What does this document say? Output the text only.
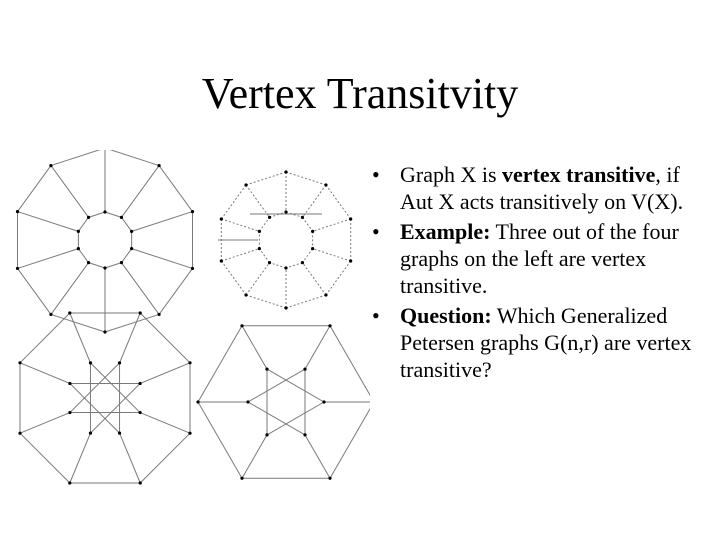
Vertex Transitvity
• Graph X is vertex transitive, if Aut X acts transitively on V(X).
• Example: Three out of the four graphs on the left are vertex transitive.
• Question: Which Generalized Petersen graphs G(n,r) are vertex transitive?
